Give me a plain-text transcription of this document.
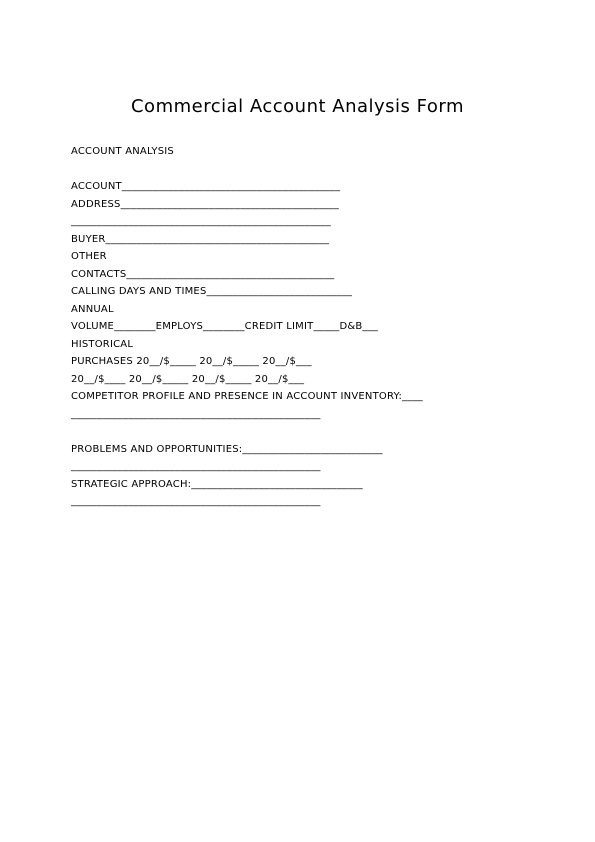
Commercial Account Analysis Form
ACCOUNT ANALYSIS
ACCOUNT__________________________________________
ADDRESS__________________________________________
__________________________________________________
BUYER___________________________________________
OTHER
CONTACTS________________________________________
CALLING DAYS AND TIMES____________________________
ANNUAL
VOLUME________EMPLOYS________CREDIT LIMIT_____D&B___
HISTORICAL
PURCHASES 20__/$_____ 20__/$_____ 20__/$___
20__/$____ 20__/$_____ 20__/$_____ 20__/$___
COMPETITOR PROFILE AND PRESENCE IN ACCOUNT INVENTORY:____
________________________________________________
PROBLEMS AND OPPORTUNITIES:___________________________
________________________________________________
STRATEGIC APPROACH:_________________________________
________________________________________________
